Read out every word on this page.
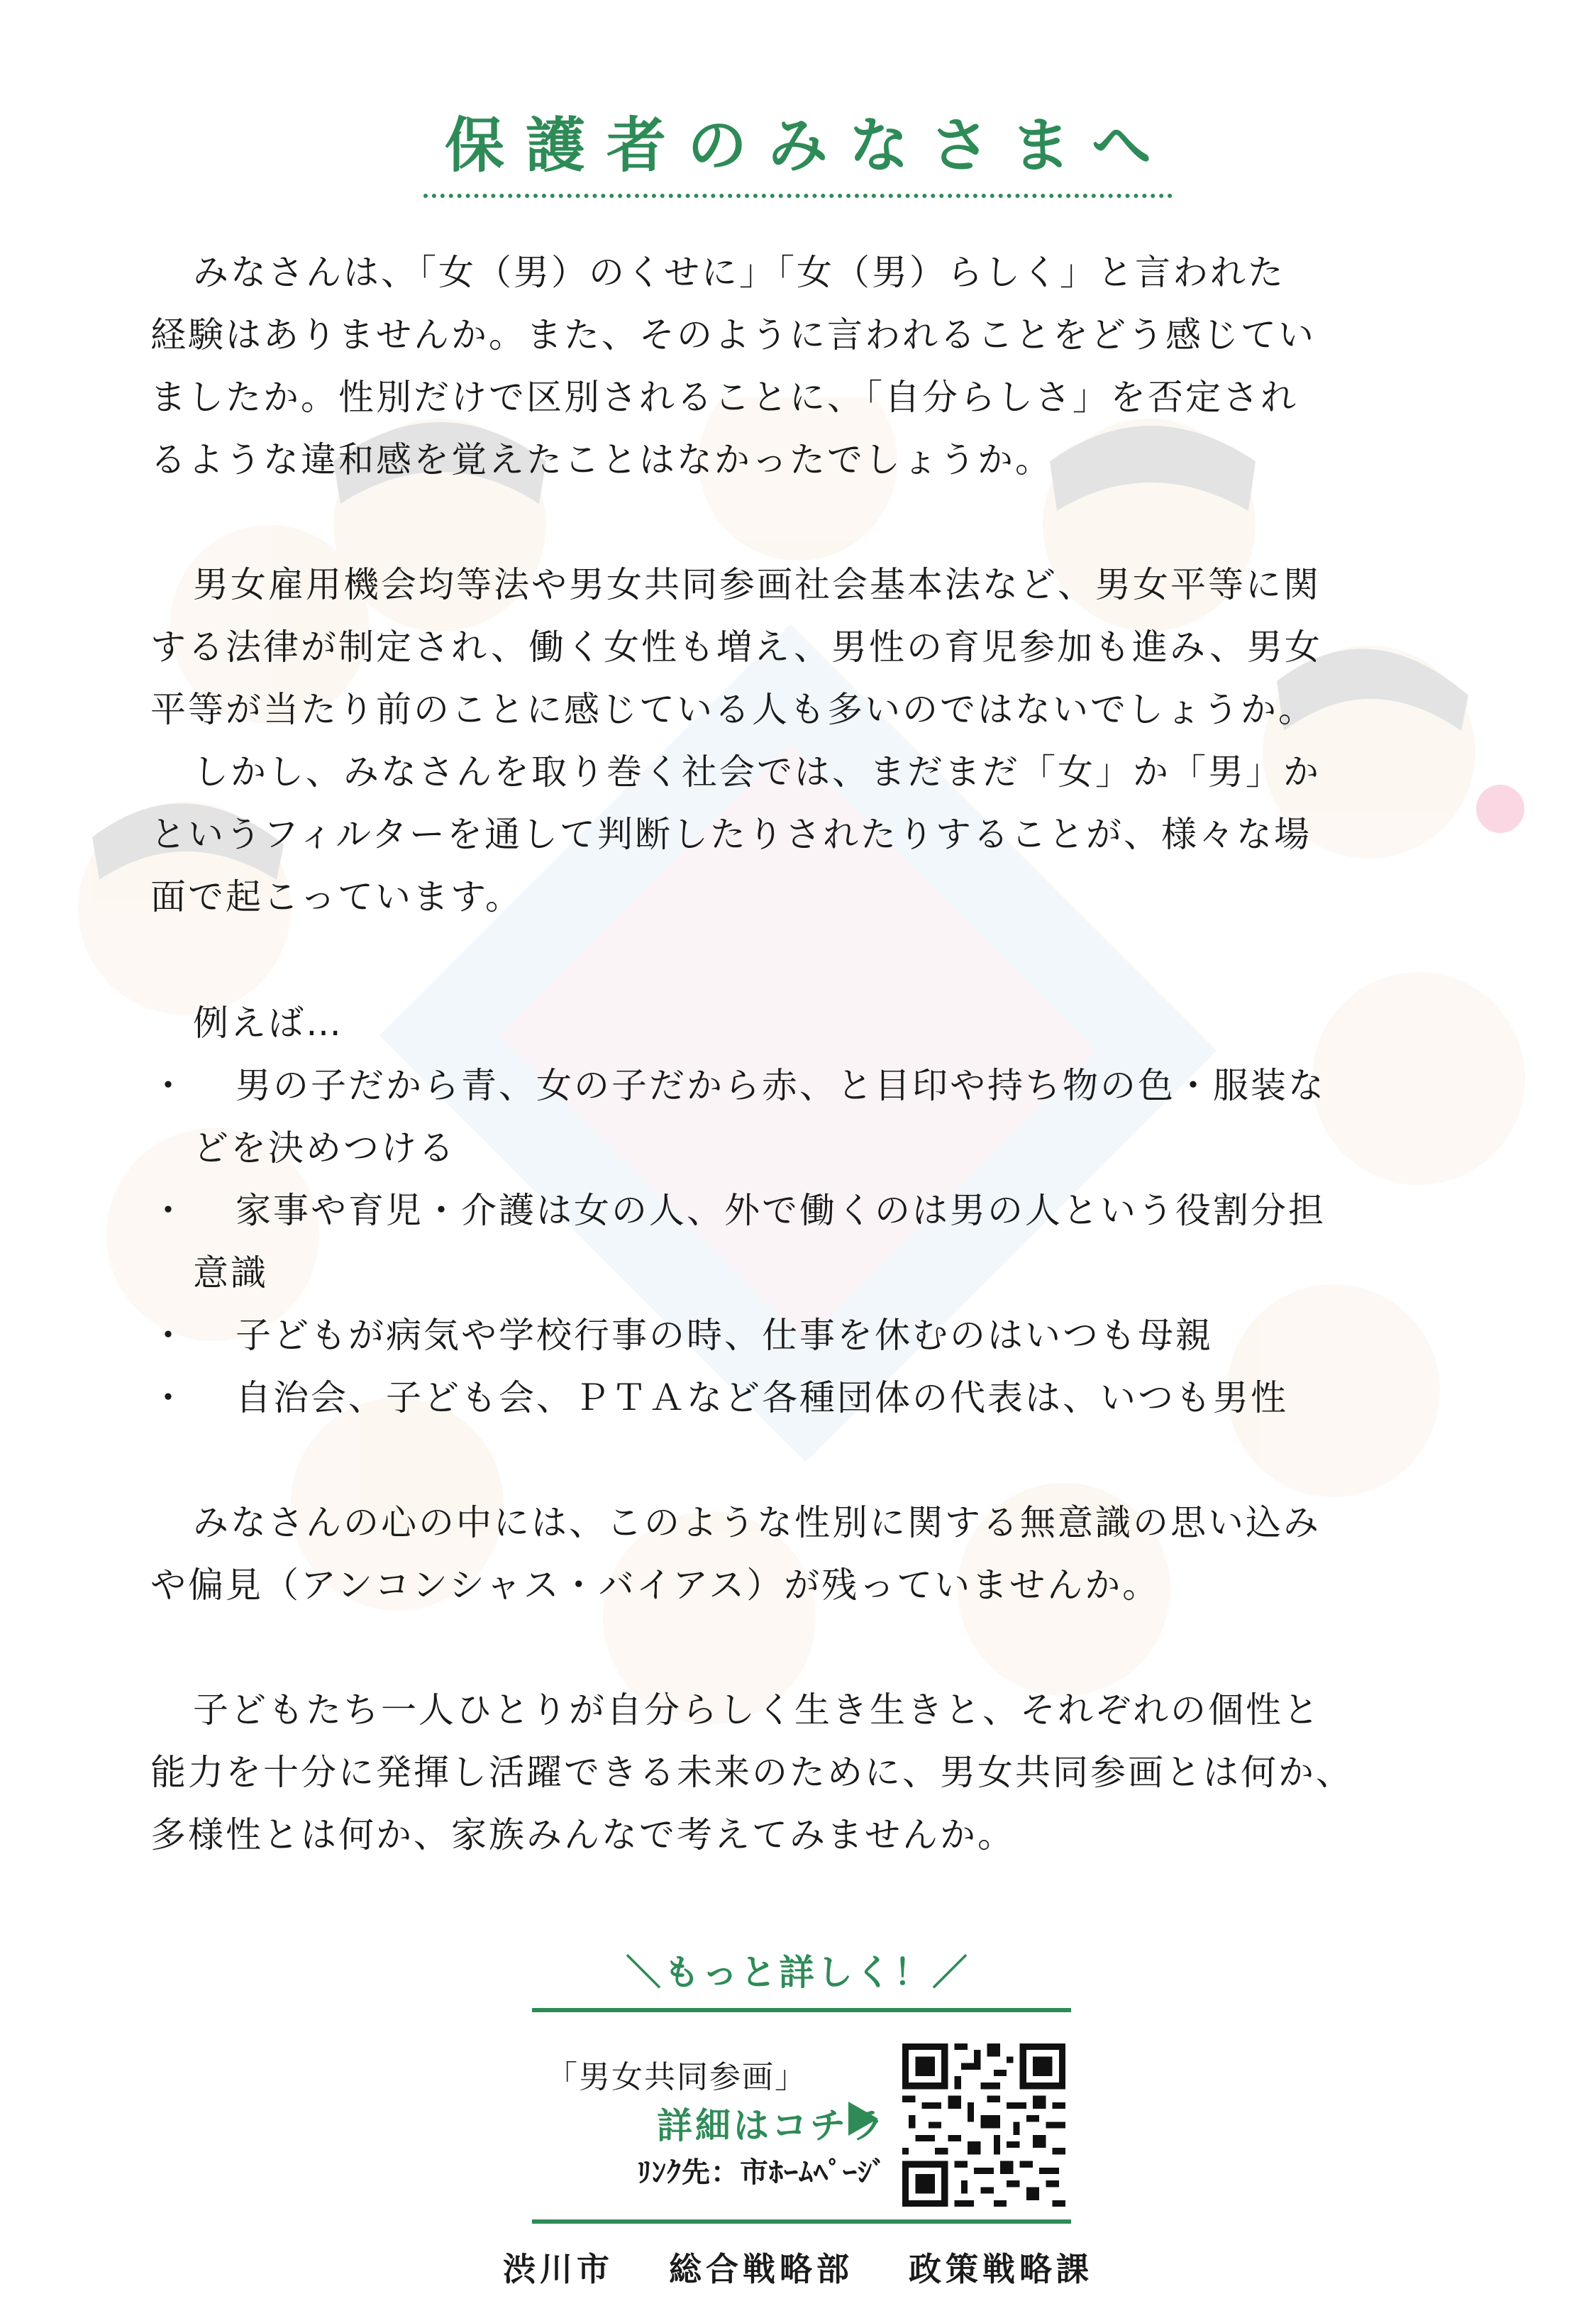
保護者のみなさまへ
みなさんは、「女（男）のくせに」「女（男）らしく」と言われた
経験はありませんか。また、そのように言われることをどう感じてい
ましたか。性別だけで区別されることに、「自分らしさ」を否定され
るような違和感を覚えたことはなかったでしょうか。
男女雇用機会均等法や男女共同参画社会基本法など、男女平等に関
する法律が制定され、働く女性も増え、男性の育児参加も進み、男女
平等が当たり前のことに感じている人も多いのではないでしょうか。
しかし、みなさんを取り巻く社会では、まだまだ「女」か「男」か
というフィルターを通して判断したりされたりすることが、様々な場
面で起こっています。
例えば…
・ 男の子だから青、女の子だから赤、と目印や持ち物の色・服装な
どを決めつける
・ 家事や育児・介護は女の人、外で働くのは男の人という役割分担
意識
・ 子どもが病気や学校行事の時、仕事を休むのはいつも母親
・ 自治会、子ども会、ＰＴＡなど各種団体の代表は、いつも男性
みなさんの心の中には、このような性別に関する無意識の思い込み
や偏見（アンコンシャス・バイアス）が残っていませんか。
子どもたち一人ひとりが自分らしく生き生きと、それぞれの個性と
能力を十分に発揮し活躍できる未来のために、男女共同参画とは何か、
多様性とは何か、家族みんなで考えてみませんか。
＼もっと詳しく！／
「男女共同参画」
詳細はコチラ
ﾘﾝｸ先：市ﾎｰﾑﾍﾟｰｼﾞ
渋川市 総合戦略部 政策戦略課
